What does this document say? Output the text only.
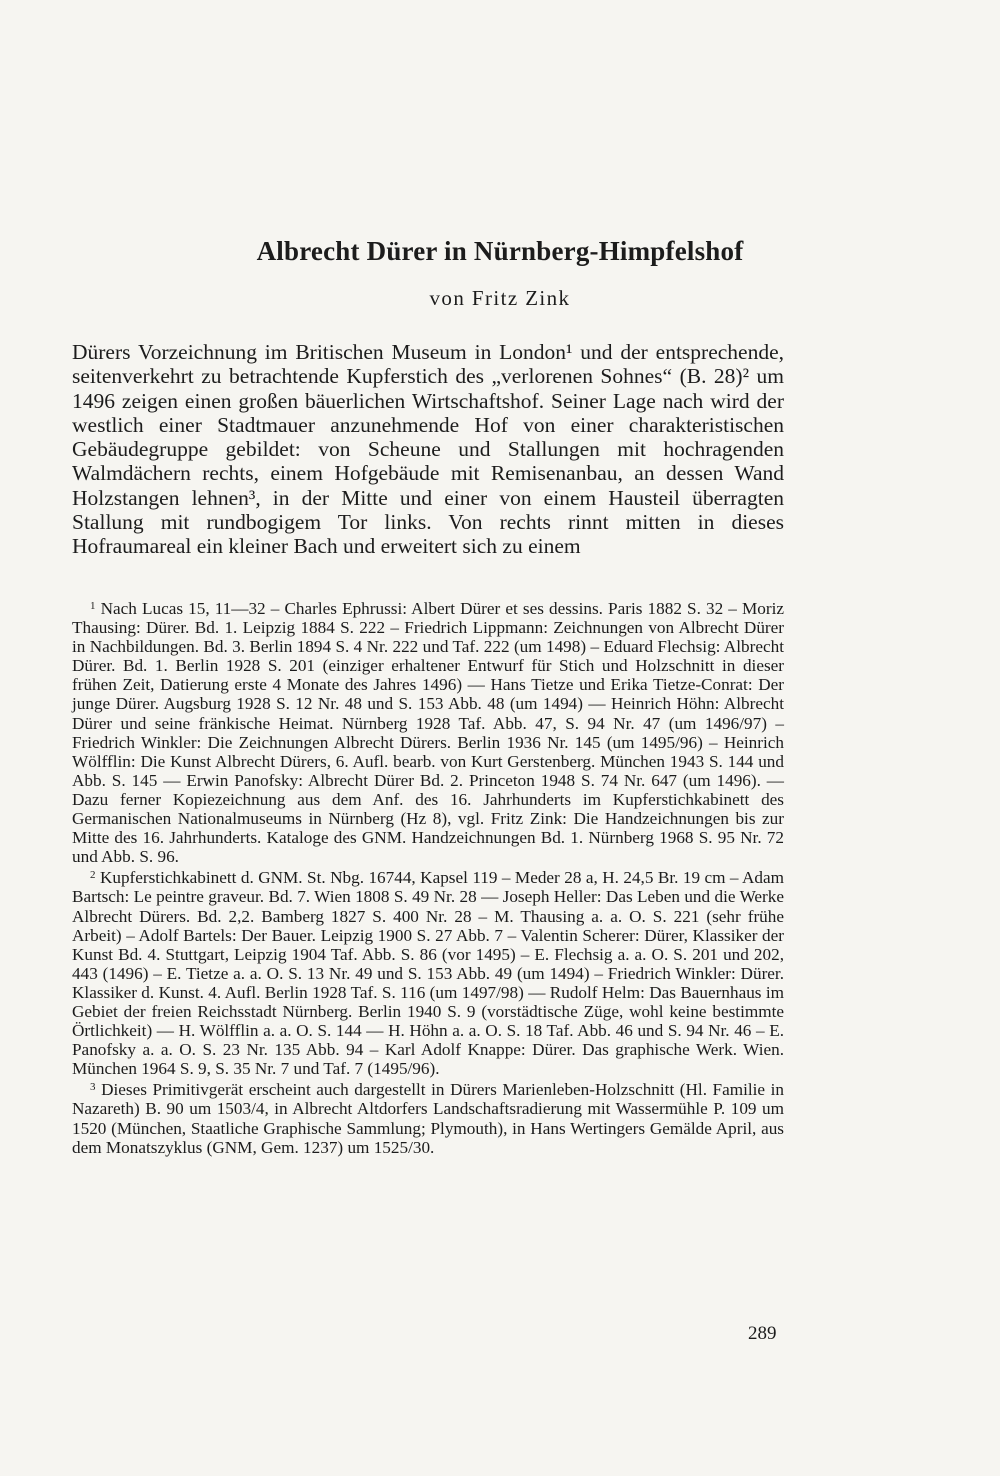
Albrecht Dürer in Nürnberg-Himpfelshof
von Fritz Zink

Dürers Vorzeichnung im Britischen Museum in London¹ und der entsprechende, seitenverkehrt zu betrachtende Kupferstich des „verlorenen Sohnes“ (B. 28)² um 1496 zeigen einen großen bäuerlichen Wirtschaftshof. Seiner Lage nach wird der westlich einer Stadtmauer anzunehmende Hof von einer charakteristischen Gebäudegruppe gebildet: von Scheune und Stallungen mit hochragenden Walmdächern rechts, einem Hofgebäude mit Remisenanbau, an dessen Wand Holzstangen lehnen³, in der Mitte und einer von einem Hausteil überragten Stallung mit rundbogigem Tor links. Von rechts rinnt mitten in dieses Hofraumareal ein kleiner Bach und erweitert sich zu einem

$^1$ Nach Lucas 15, 11—32 – Charles Ephrussi: Albert Dürer et ses dessins. Paris 1882 S. 32 – Moriz Thausing: Dürer. Bd. 1. Leipzig 1884 S. 222 – Friedrich Lippmann: Zeichnungen von Albrecht Dürer in Nachbildungen. Bd. 3. Berlin 1894 S. 4 Nr. 222 und Taf. 222 (um 1498) – Eduard Flechsig: Albrecht Dürer. Bd. 1. Berlin 1928 S. 201 (einziger erhaltener Entwurf für Stich und Holzschnitt in dieser frühen Zeit, Datierung erste 4 Monate des Jahres 1496) — Hans Tietze und Erika Tietze-Conrat: Der junge Dürer. Augsburg 1928 S. 12 Nr. 48 und S. 153 Abb. 48 (um 1494) — Heinrich Höhn: Albrecht Dürer und seine fränkische Heimat. Nürnberg 1928 Taf. Abb. 47, S. 94 Nr. 47 (um 1496/97) – Friedrich Winkler: Die Zeichnungen Albrecht Dürers. Berlin 1936 Nr. 145 (um 1495/96) – Heinrich Wölfflin: Die Kunst Albrecht Dürers, 6. Aufl. bearb. von Kurt Gerstenberg. München 1943 S. 144 und Abb. S. 145 — Erwin Panofsky: Albrecht Dürer Bd. 2. Princeton 1948 S. 74 Nr. 647 (um 1496). — Dazu ferner Kopiezeichnung aus dem Anf. des 16. Jahrhunderts im Kupferstichkabinett des Germanischen Nationalmuseums in Nürnberg (Hz 8), vgl. Fritz Zink: Die Handzeichnungen bis zur Mitte des 16. Jahrhunderts. Kataloge des GNM. Handzeichnungen Bd. 1. Nürnberg 1968 S. 95 Nr. 72 und Abb. S. 96.

$^2$ Kupferstichkabinett d. GNM. St. Nbg. 16744, Kapsel 119 – Meder 28 a, H. 24,5 Br. 19 cm – Adam Bartsch: Le peintre graveur. Bd. 7. Wien 1808 S. 49 Nr. 28 — Joseph Heller: Das Leben und die Werke Albrecht Dürers. Bd. 2,2. Bamberg 1827 S. 400 Nr. 28 – M. Thausing a. a. O. S. 221 (sehr frühe Arbeit) – Adolf Bartels: Der Bauer. Leipzig 1900 S. 27 Abb. 7 – Valentin Scherer: Dürer, Klassiker der Kunst Bd. 4. Stuttgart, Leipzig 1904 Taf. Abb. S. 86 (vor 1495) – E. Flechsig a. a. O. S. 201 und 202, 443 (1496) – E. Tietze a. a. O. S. 13 Nr. 49 und S. 153 Abb. 49 (um 1494) – Friedrich Winkler: Dürer. Klassiker d. Kunst. 4. Aufl. Berlin 1928 Taf. S. 116 (um 1497/98) — Rudolf Helm: Das Bauernhaus im Gebiet der freien Reichsstadt Nürnberg. Berlin 1940 S. 9 (vorstädtische Züge, wohl keine bestimmte Örtlichkeit) — H. Wölfflin a. a. O. S. 144 — H. Höhn a. a. O. S. 18 Taf. Abb. 46 und S. 94 Nr. 46 – E. Panofsky a. a. O. S. 23 Nr. 135 Abb. 94 – Karl Adolf Knappe: Dürer. Das graphische Werk. Wien. München 1964 S. 9, S. 35 Nr. 7 und Taf. 7 (1495/96).

$^3$ Dieses Primitivgerät erscheint auch dargestellt in Dürers Marienleben-Holzschnitt (Hl. Familie in Nazareth) B. 90 um 1503/4, in Albrecht Altdorfers Landschaftsradierung mit Wassermühle P. 109 um 1520 (München, Staatliche Graphische Sammlung; Plymouth), in Hans Wertingers Gemälde April, aus dem Monatszyklus (GNM, Gem. 1237) um 1525/30.

289
